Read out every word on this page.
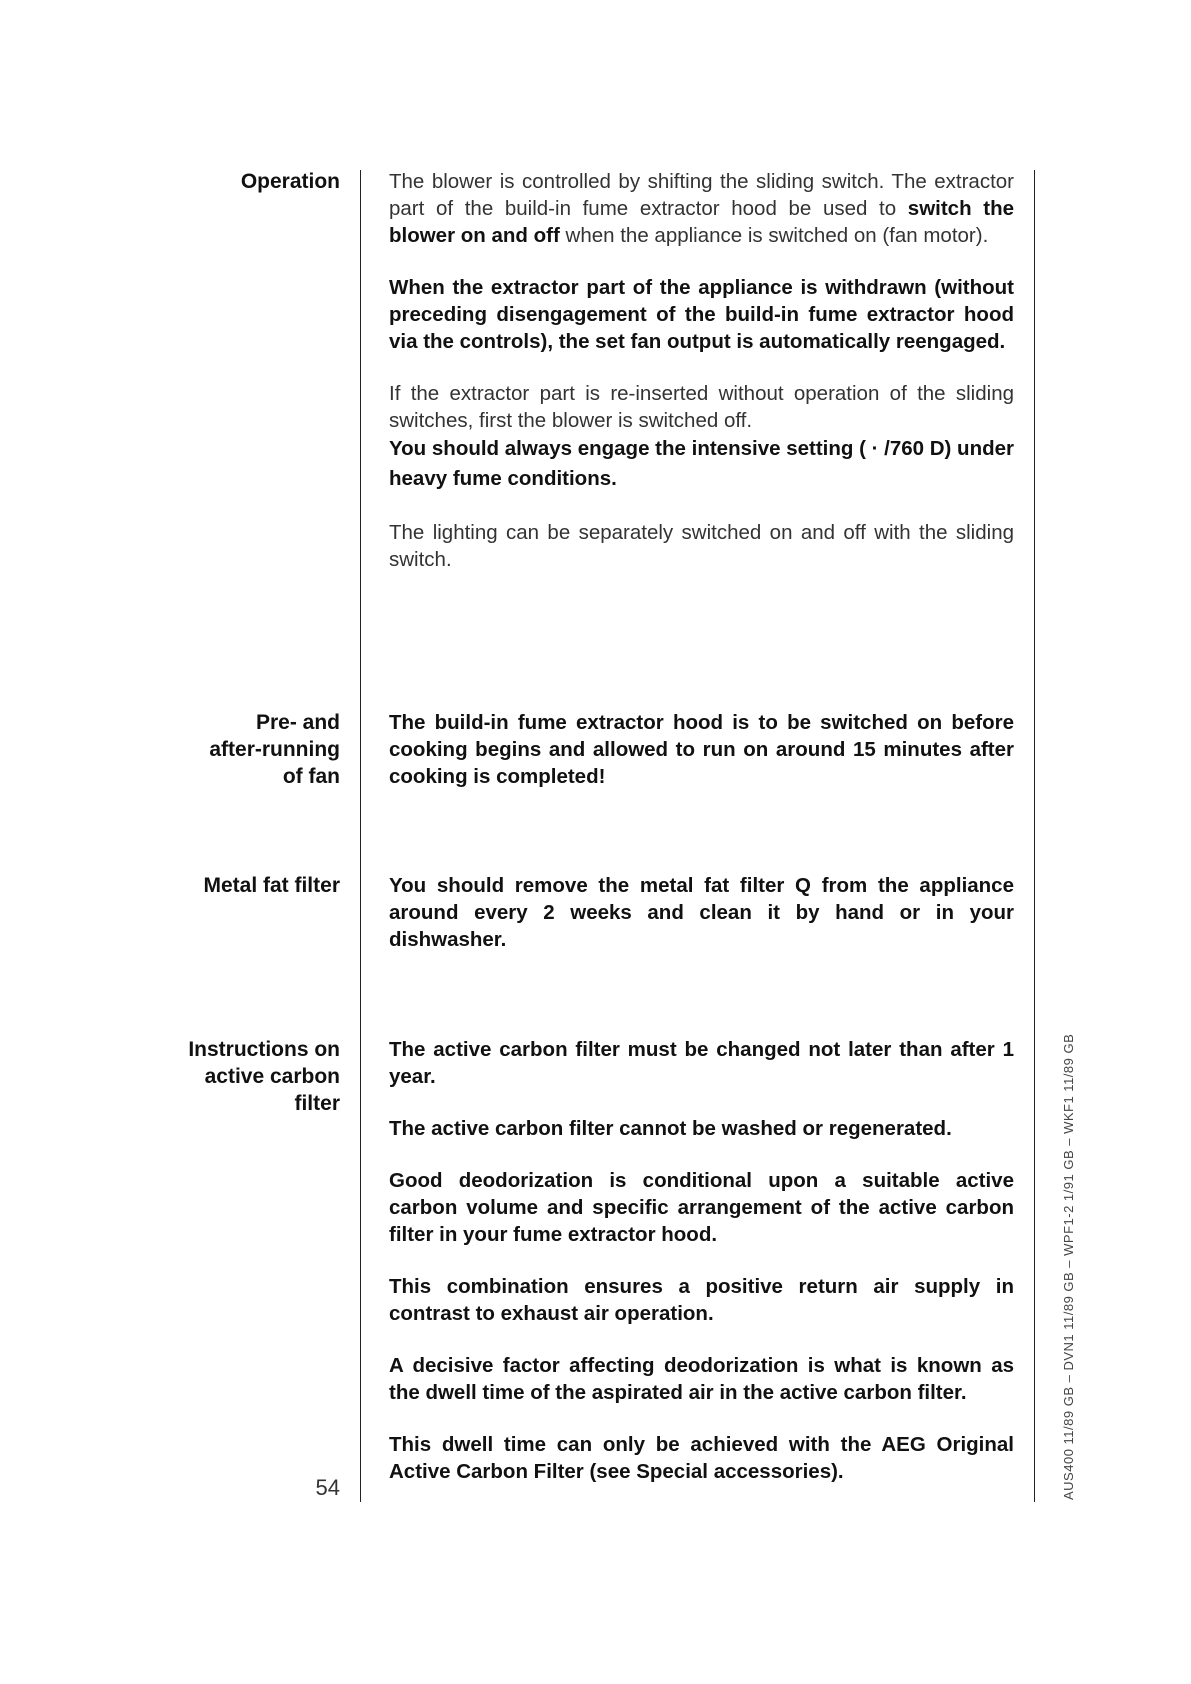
Operation
Pre- and
after-running
of fan
Metal fat filter
Instructions on
active carbon
filter

The blower is controlled by shifting the sliding switch. The extractor part of the build-in fume extractor hood be used to switch the blower on and off when the appliance is switched on (fan motor).

When the extractor part of the appliance is withdrawn (without preceding disengagement of the build-in fume extractor hood via the controls), the set fan output is automatically reengaged.

If the extractor part is re-inserted without operation of the sliding switches, first the blower is switched off.

You should always engage the intensive setting ( · /760 D) under heavy fume conditions.

The lighting can be separately switched on and off with the sliding switch.

The build-in fume extractor hood is to be switched on before cooking begins and allowed to run on around 15 minutes after cooking is completed!

You should remove the metal fat filter Q from the appliance around every 2 weeks and clean it by hand or in your dishwasher.

The active carbon filter must be changed not later than after 1 year.

The active carbon filter cannot be washed or regenerated.

Good deodorization is conditional upon a suitable active carbon volume and specific arrangement of the active carbon filter in your fume extractor hood.

This combination ensures a positive return air supply in contrast to exhaust air operation.

A decisive factor affecting deodorization is what is known as the dwell time of the aspirated air in the active carbon filter.

This dwell time can only be achieved with the AEG Original Active Carbon Filter (see Special accessories).

54	AUS400 11/89 GB – DVN1 11/89 GB – WPF1-2 1/91 GB – WKF1 11/89 GB
